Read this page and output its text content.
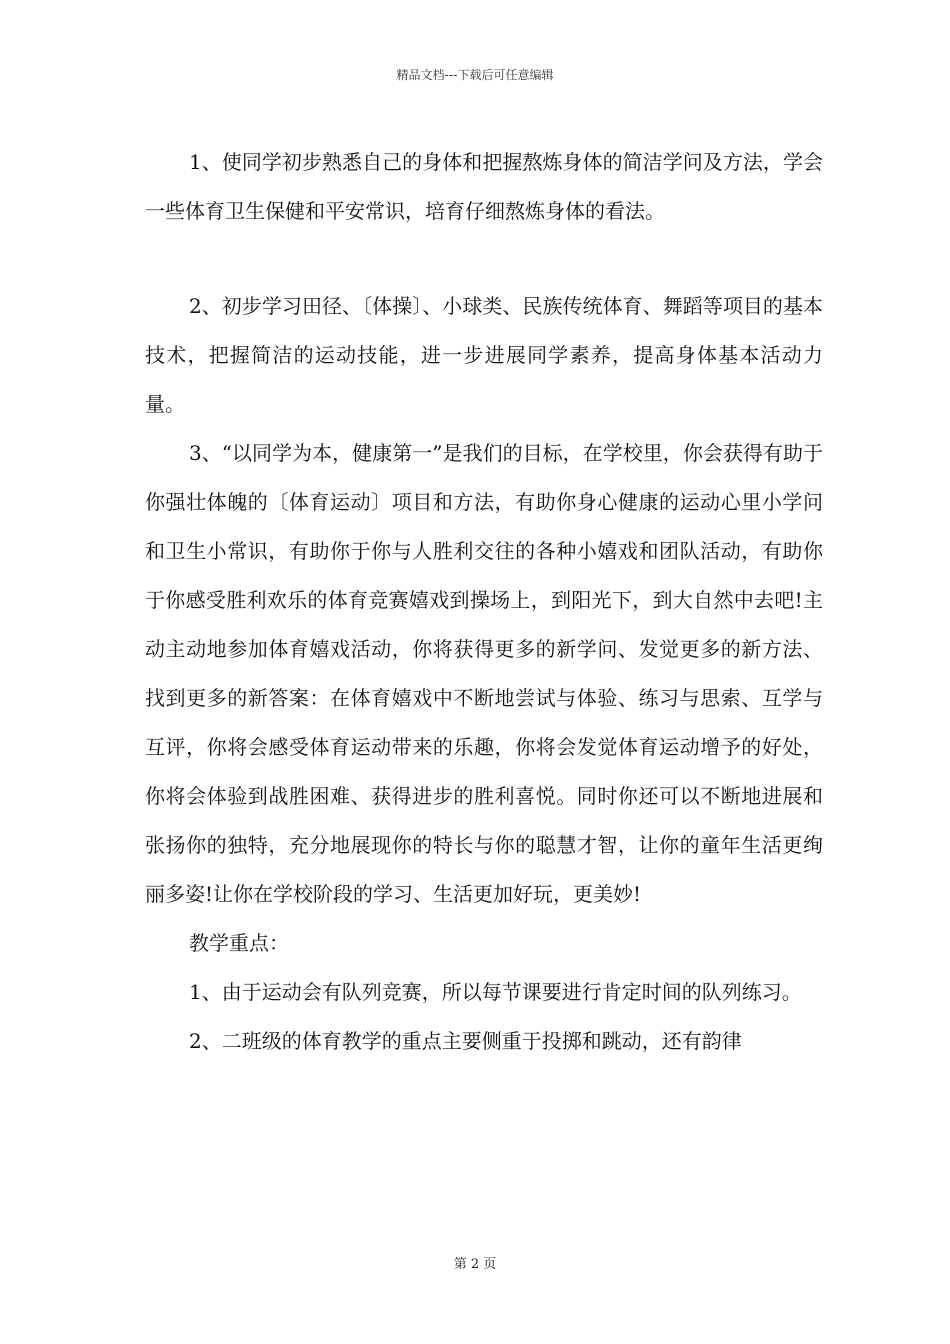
精品文档---下载后可任意编辑

1、使同学初步熟悉自己的身体和把握熬炼身体的简洁学问及方法，学会一些体育卫生保健和平安常识，培育仔细熬炼身体的看法。

2、初步学习田径、〔体操〕、小球类、民族传统体育、舞蹈等项目的基本技术，把握简洁的运动技能，进一步进展同学素养，提高身体基本活动力量。

3、“以同学为本，健康第一”是我们的目标，在学校里，你会获得有助于你强壮体魄的〔体育运动〕项目和方法，有助你身心健康的运动心里小学问和卫生小常识，有助你于你与人胜利交往的各种小嬉戏和团队活动，有助你于你感受胜利欢乐的体育竞赛嬉戏到操场上，到阳光下，到大自然中去吧!主动主动地参加体育嬉戏活动，你将获得更多的新学问、发觉更多的新方法、找到更多的新答案：在体育嬉戏中不断地尝试与体验、练习与思索、互学与互评，你将会感受体育运动带来的乐趣，你将会发觉体育运动增予的好处，你将会体验到战胜困难、获得进步的胜利喜悦。同时你还可以不断地进展和张扬你的独特，充分地展现你的特长与你的聪慧才智，让你的童年生活更绚丽多姿!让你在学校阶段的学习、生活更加好玩，更美妙!

教学重点：

1、由于运动会有队列竞赛，所以每节课要进行肯定时间的队列练习。

2、二班级的体育教学的重点主要侧重于投掷和跳动，还有韵律

第 2 页
